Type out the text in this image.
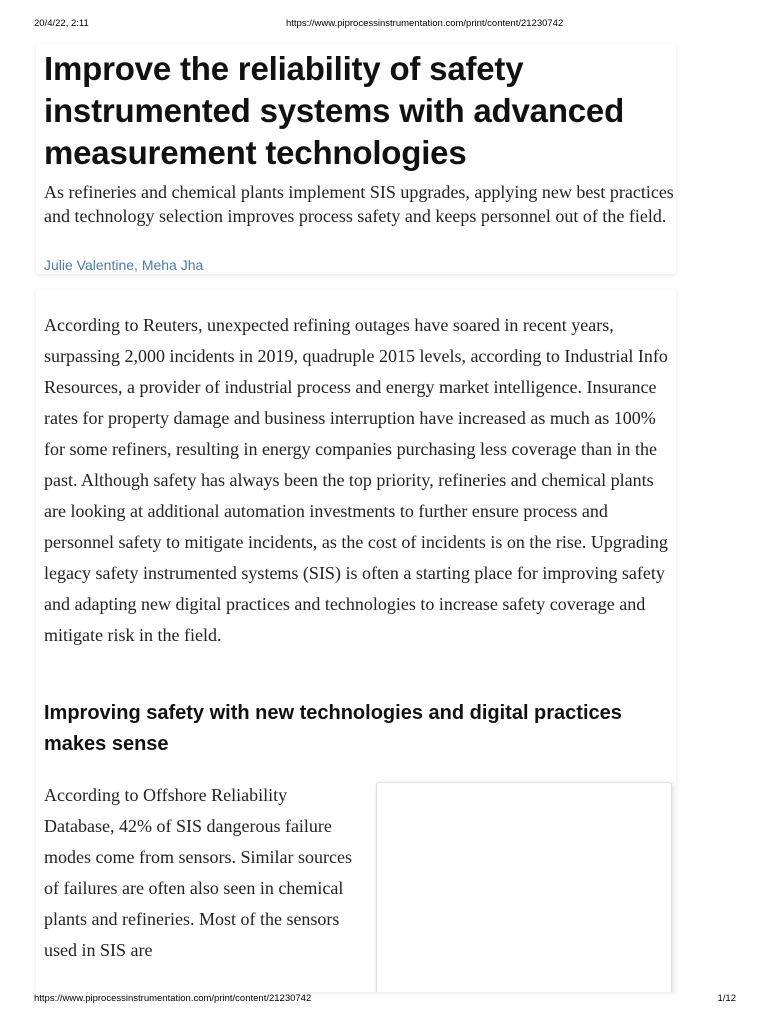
20/4/22, 2:11	https://www.piprocessinstrumentation.com/print/content/21230742
Improve the reliability of safety instrumented systems with advanced measurement technologies

As refineries and chemical plants implement SIS upgrades, applying new best practices and technology selection improves process safety and keeps personnel out of the field.

Julie Valentine, Meha Jha

According to Reuters, unexpected refining outages have soared in recent years, surpassing 2,000 incidents in 2019, quadruple 2015 levels, according to Industrial Info Resources, a provider of industrial process and energy market intelligence. Insurance rates for property damage and business interruption have increased as much as 100% for some refiners, resulting in energy companies purchasing less coverage than in the past. Although safety has always been the top priority, refineries and chemical plants are looking at additional automation investments to further ensure process and personnel safety to mitigate incidents, as the cost of incidents is on the rise. Upgrading legacy safety instrumented systems (SIS) is often a starting place for improving safety and adapting new digital practices and technologies to increase safety coverage and mitigate risk in the field.

Improving safety with new technologies and digital practices makes sense

According to Offshore Reliability Database, 42% of SIS dangerous failure modes come from sensors. Similar sources of failures are often also seen in chemical plants and refineries. Most of the sensors used in SIS are

https://www.piprocessinstrumentation.com/print/content/21230742	1/12
